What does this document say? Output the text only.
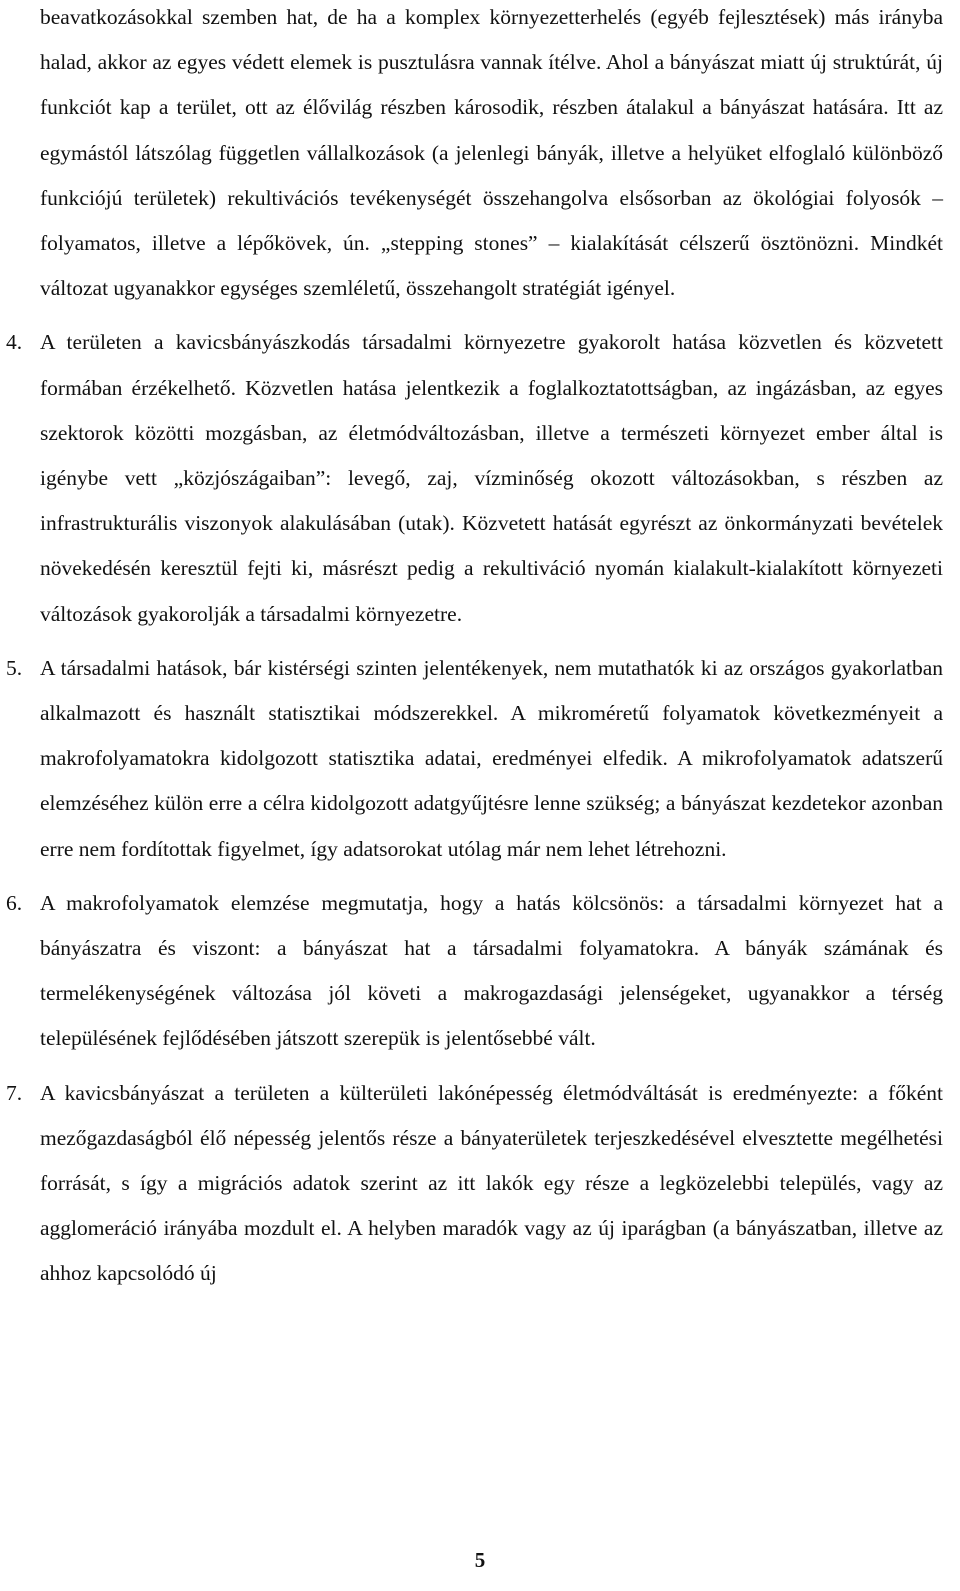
beavatkozásokkal szemben hat, de ha a komplex környezetterhelés (egyéb fejlesztések) más irányba halad, akkor az egyes védett elemek is pusztulásra vannak ítélve. Ahol a bányászat miatt új struktúrát, új funkciót kap a terület, ott az élővilág részben károsodik, részben átalakul a bányászat hatására. Itt az egymástól látszólag független vállalkozások (a jelenlegi bányák, illetve a helyüket elfoglaló különböző funkciójú területek) rekultivációs tevékenységét összehangolva elsősorban az ökológiai folyosók – folyamatos, illetve a lépőkövek, ún. „stepping stones” – kialakítását célszerű ösztönözni. Mindkét változat ugyanakkor egységes szemléletű, összehangolt stratégiát igényel.

4. A területen a kavicsbányászkodás társadalmi környezetre gyakorolt hatása közvetlen és közvetett formában érzékelhető. Közvetlen hatása jelentkezik a foglalkoztatottságban, az ingázásban, az egyes szektorok közötti mozgásban, az életmódváltozásban, illetve a természeti környezet ember által is igénybe vett „közjószágaiban”: levegő, zaj, vízminőség okozott változásokban, s részben az infrastrukturális viszonyok alakulásában (utak). Közvetett hatását egyrészt az önkormányzati bevételek növekedésén keresztül fejti ki, másrészt pedig a rekultiváció nyomán kialakult-kialakított környezeti változások gyakorolják a társadalmi környezetre.

5. A társadalmi hatások, bár kistérségi szinten jelentékenyek, nem mutathatók ki az országos gyakorlatban alkalmazott és használt statisztikai módszerekkel. A mikroméretű folyamatok következményeit a makrofolyamatokra kidolgozott statisztika adatai, eredményei elfedik. A mikrofolyamatok adatszerű elemzéséhez külön erre a célra kidolgozott adatgyűjtésre lenne szükség; a bányászat kezdetekor azonban erre nem fordítottak figyelmet, így adatsorokat utólag már nem lehet létrehozni.

6. A makrofolyamatok elemzése megmutatja, hogy a hatás kölcsönös: a társadalmi környezet hat a bányászatra és viszont: a bányászat hat a társadalmi folyamatokra. A bányák számának és termelékenységének változása jól követi a makrogazdasági jelenségeket, ugyanakkor a térség településének fejlődésében játszott szerepük is jelentősebbé vált.

7. A kavicsbányászat a területen a külterületi lakónépesség életmódváltását is eredményezte: a főként mezőgazdaságból élő népesség jelentős része a bányaterületek terjeszkedésével elvesztette megélhetési forrását, s így a migrációs adatok szerint az itt lakók egy része a legközelebbi település, vagy az agglomeráció irányába mozdult el. A helyben maradók vagy az új iparágban (a bányászatban, illetve az ahhoz kapcsolódó új

5
